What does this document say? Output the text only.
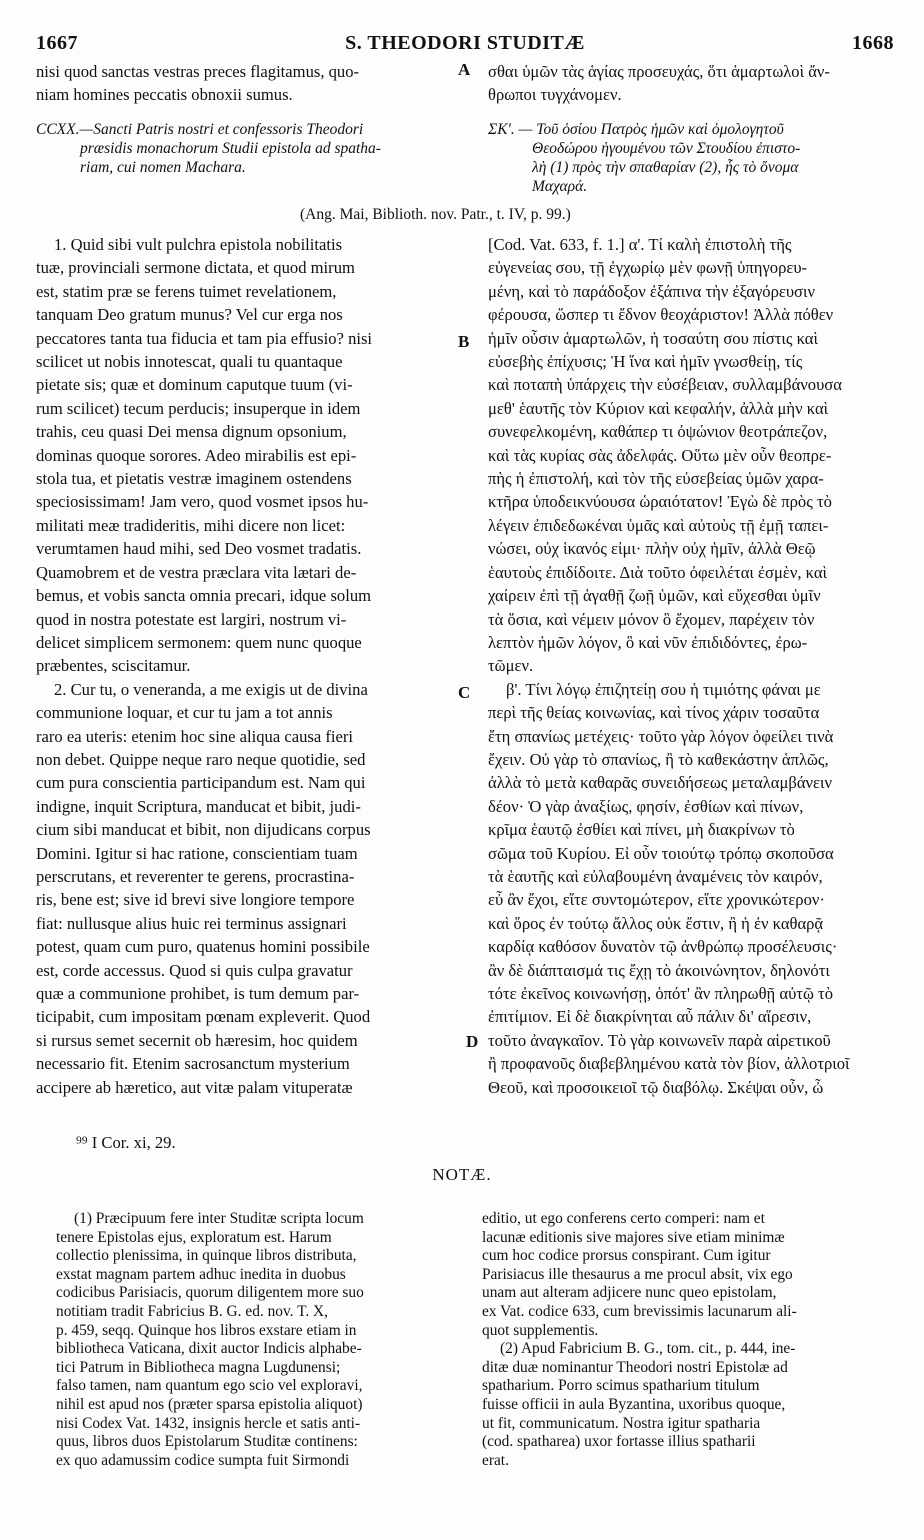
1667	S. THEODORI STUDITÆ	1668
nisi quod sanctas vestras preces flagitamus, quo-
niam homines peccatis obnoxii sumus.
σθαι ὑμῶν τὰς ἁγίας προσευχάς, ὅτι ἁμαρτωλοὶ ἄν-
θρωποι τυγχάνομεν.
A
B
C
D
CCXX.—Sancti Patris nostri et confessoris Theodori
præsidis monachorum Studii epistola ad spatha-
riam, cui nomen Machara.
ΣΚ'. — Τοῦ ὁσίου Πατρὸς ἡμῶν καὶ ὁμολογητοῦ
Θεοδώρου ἡγουμένου τῶν Στουδίου ἐπιστο-
λὴ (1) πρὸς τὴν σπαθαρίαν (2), ἧς τὸ ὄνομα
Μαχαρά.
(Ang. Mai, Biblioth. nov. Patr., t. IV, p. 99.)
1. Quid sibi vult pulchra epistola nobilitatis
tuæ, provinciali sermone dictata, et quod mirum
est, statim præ se ferens tuimet revelationem,
tanquam Deo gratum munus? Vel cur erga nos
peccatores tanta tua fiducia et tam pia effusio? nisi
scilicet ut nobis innotescat, quali tu quantaque
pietate sis; quæ et dominum caputque tuum (vi-
rum scilicet) tecum perducis; insuperque in idem
trahis, ceu quasi Dei mensa dignum opsonium,
dominas quoque sorores. Adeo mirabilis est epi-
stola tua, et pietatis vestræ imaginem ostendens
speciosissimam! Jam vero, quod vosmet ipsos hu-
militati meæ tradideritis, mihi dicere non licet:
verumtamen haud mihi, sed Deo vosmet tradatis.
Quamobrem et de vestra præclara vita lætari de-
bemus, et vobis sancta omnia precari, idque solum
quod in nostra potestate est largiri, nostrum vi-
delicet simplicem sermonem: quem nunc quoque
præbentes, sciscitamur.
2. Cur tu, o veneranda, a me exigis ut de divina
communione loquar, et cur tu jam a tot annis
raro ea uteris: etenim hoc sine aliqua causa fieri
non debet. Quippe neque raro neque quotidie, sed
cum pura conscientia participandum est. Nam qui
indigne, inquit Scriptura, manducat et bibit, judi-
cium sibi manducat et bibit, non dijudicans corpus
Domini. Igitur si hac ratione, conscientiam tuam
perscrutans, et reverenter te gerens, procrastina-
ris, bene est; sive id brevi sive longiore tempore
fiat: nullusque alius huic rei terminus assignari
potest, quam cum puro, quatenus homini possibile
est, corde accessus. Quod si quis culpa gravatur
quæ a communione prohibet, is tum demum par-
ticipabit, cum impositam pœnam expleverit. Quod
si rursus semet secernit ob hæresim, hoc quidem
necessario fit. Etenim sacrosanctum mysterium
accipere ab hæretico, aut vitæ palam vituperatæ
[Cod. Vat. 633, f. 1.] α'. Τί καλὴ ἐπιστολὴ τῆς
εὐγενείας σου, τῇ ἐγχωρίῳ μὲν φωνῇ ὑπηγορευ-
μένη, καὶ τὸ παράδοξον ἐξάπινα τὴν ἐξαγόρευσιν
φέρουσα, ὥσπερ τι ἔδνον θεοχάριστον! Ἀλλὰ πόθεν
ἡμῖν οὖσιν ἁμαρτωλῶν, ἡ τοσαύτη σου πίστις καὶ
εὐσεβὴς ἐπίχυσις; Ἡ ἵνα καὶ ἡμῖν γνωσθείῃ, τίς
καὶ ποταπὴ ὑπάρχεις τὴν εὐσέβειαν, συλλαμβάνουσα
μεθ' ἑαυτῆς τὸν Κύριον καὶ κεφαλήν, ἀλλὰ μὴν καὶ
συνεφελκομένη, καθάπερ τι ὀψώνιον θεοτράπεζον,
καὶ τὰς κυρίας σὰς ἀδελφάς. Οὕτω μὲν οὖν θεοπρε-
πὴς ἡ ἐπιστολή, καὶ τὸν τῆς εὐσεβείας ὑμῶν χαρα-
κτῆρα ὑποδεικνύουσα ὡραιότατον! Ἐγὼ δὲ πρὸς τὸ
λέγειν ἐπιδεδωκέναι ὑμᾶς καὶ αὐτοὺς τῇ ἐμῇ ταπει-
νώσει, οὐχ ἱκανός εἰμι· πλὴν οὐχ ἡμῖν, ἀλλὰ Θεῷ
ἑαυτοὺς ἐπιδίδοιτε. Διὰ τοῦτο ὀφειλέται ἐσμὲν, καὶ
χαίρειν ἐπὶ τῇ ἀγαθῇ ζωῇ ὑμῶν, καὶ εὔχεσθαι ὑμῖν
τὰ ὅσια, καὶ νέμειν μόνον ὃ ἔχομεν, παρέχειν τὸν
λεπτὸν ἡμῶν λόγον, ὃ καὶ νῦν ἐπιδιδόντες, ἐρω-
τῶμεν.
β'. Τίνι λόγῳ ἐπιζητείῃ σου ἡ τιμιότης φάναι με
περὶ τῆς θείας κοινωνίας, καὶ τίνος χάριν τοσαῦτα
ἔτη σπανίως μετέχεις· τοῦτο γὰρ λόγον ὀφείλει τινὰ
ἔχειν. Οὐ γὰρ τὸ σπανίως, ἢ τὸ καθεκάστην ἁπλῶς,
ἀλλὰ τὸ μετὰ καθαρᾶς συνειδήσεως μεταλαμβάνειν
δέον· Ὁ γὰρ ἀναξίως, φησίν, ἐσθίων καὶ πίνων,
κρῖμα ἑαυτῷ ἐσθίει καὶ πίνει, μὴ διακρίνων τὸ
σῶμα τοῦ Κυρίου. Εἰ οὖν τοιούτῳ τρόπῳ σκοποῦσα
τὰ ἑαυτῆς καὶ εὐλαβουμένη ἀναμένεις τὸν καιρόν,
εὖ ἂν ἔχοι, εἴτε συντομώτερον, εἴτε χρονικώτερον·
καὶ ὅρος ἐν τούτῳ ἄλλος οὐκ ἔστιν, ἢ ἡ ἐν καθαρᾷ
καρδίᾳ καθόσον δυνατὸν τῷ ἀνθρώπῳ προσέλευσις·
ἂν δὲ διάπταισμά τις ἔχῃ τὸ ἀκοινώνητον, δηλονότι
τότε ἐκεῖνος κοινωνήσῃ, ὁπότ' ἂν πληρωθῇ αὐτῷ τὸ
ἐπιτίμιον. Εἰ δὲ διακρίνηται αὖ πάλιν δι' αἵρεσιν,
τοῦτο ἀναγκαῖον. Τὸ γὰρ κοινωνεῖν παρὰ αἱρετικοῦ
ἢ προφανοῦς διαβεβλημένου κατὰ τὸν βίον, ἀλλοτριοῖ
Θεοῦ, καὶ προσοικειοῖ τῷ διαβόλῳ. Σκέψαι οὖν, ὦ
⁹⁹ I Cor. xi, 29.
NOTÆ.
(1) Præcipuum fere inter Studitæ scripta locum
tenere Epistolas ejus, exploratum est. Harum
collectio plenissima, in quinque libros distributa,
exstat magnam partem adhuc inedita in duobus
codicibus Parisiacis, quorum diligentem more suo
notitiam tradit Fabricius B. G. ed. nov. T. X,
p. 459, seqq. Quinque hos libros exstare etiam in
bibliotheca Vaticana, dixit auctor Indicis alphabe-
tici Patrum in Bibliotheca magna Lugdunensi;
falso tamen, nam quantum ego scio vel exploravi,
nihil est apud nos (præter sparsa epistolia aliquot)
nisi Codex Vat. 1432, insignis hercle et satis anti-
quus, libros duos Epistolarum Studitæ continens:
ex quo adamussim codice sumpta fuit Sirmondi
editio, ut ego conferens certo comperi: nam et
lacunæ editionis sive majores sive etiam minimæ
cum hoc codice prorsus conspirant. Cum igitur
Parisiacus ille thesaurus a me procul absit, vix ego
unam aut alteram adjicere nunc queo epistolam,
ex Vat. codice 633, cum brevissimis lacunarum ali-
quot supplementis.
(2) Apud Fabricium B. G., tom. cit., p. 444, ine-
ditæ duæ nominantur Theodori nostri Epistolæ ad
spatharium. Porro scimus spatharium titulum
fuisse officii in aula Byzantina, uxoribus quoque,
ut fit, communicatum. Nostra igitur spatharia
(cod. spatharea) uxor fortasse illius spatharii
erat.
